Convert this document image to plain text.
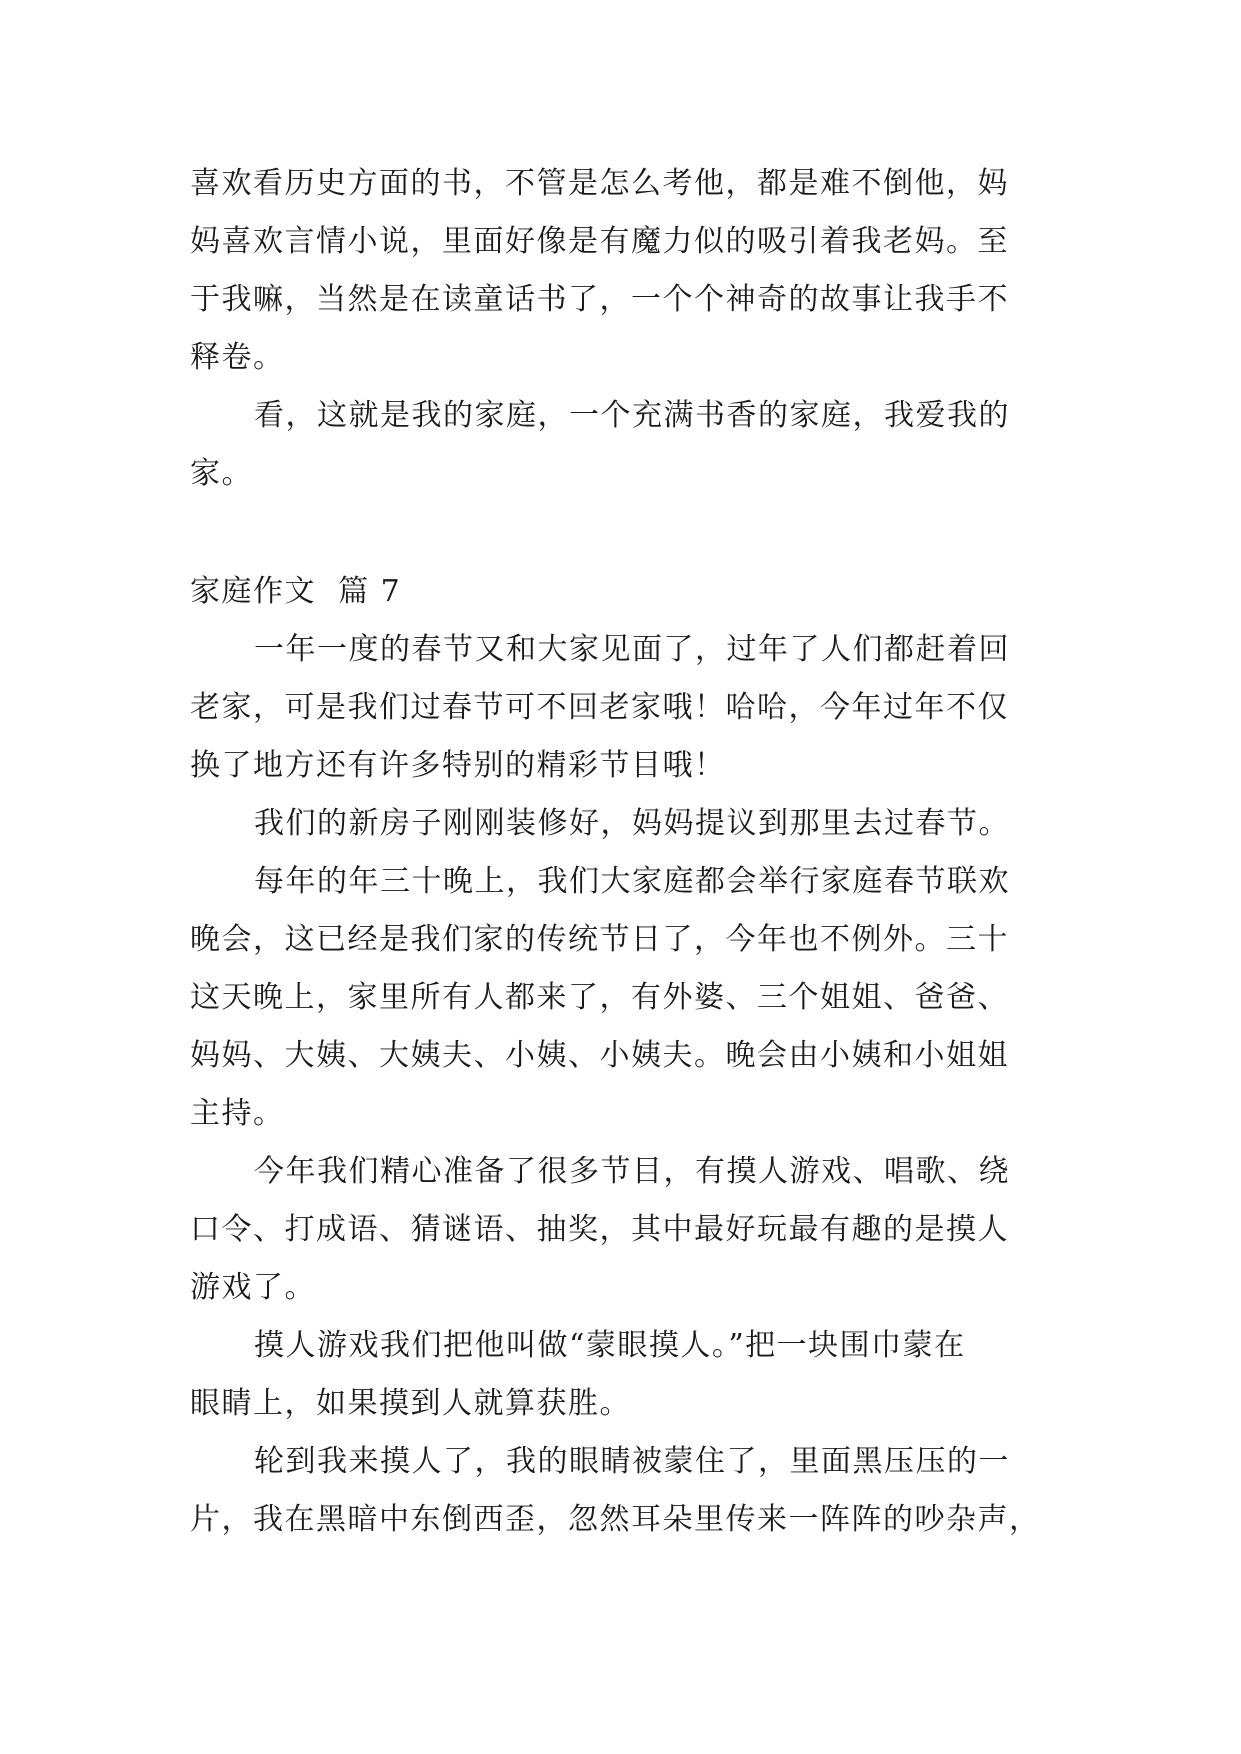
喜欢看历史方面的书，不管是怎么考他，都是难不倒他，妈
妈喜欢言情小说，里面好像是有魔力似的吸引着我老妈。至
于我嘛，当然是在读童话书了，一个个神奇的故事让我手不
释卷。
看，这就是我的家庭，一个充满书香的家庭，我爱我的
家。
家庭作文 篇 7
一年一度的春节又和大家见面了，过年了人们都赶着回
老家，可是我们过春节可不回老家哦！哈哈，今年过年不仅
换了地方还有许多特别的精彩节目哦！
我们的新房子刚刚装修好，妈妈提议到那里去过春节。
每年的年三十晚上，我们大家庭都会举行家庭春节联欢
晚会，这已经是我们家的传统节日了，今年也不例外。三十
这天晚上，家里所有人都来了，有外婆、三个姐姐、爸爸、
妈妈、大姨、大姨夫、小姨、小姨夫。晚会由小姨和小姐姐
主持。
今年我们精心准备了很多节目，有摸人游戏、唱歌、绕
口令、打成语、猜谜语、抽奖，其中最好玩最有趣的是摸人
游戏了。
摸人游戏我们把他叫做“蒙眼摸人。”把一块围巾蒙在
眼睛上，如果摸到人就算获胜。
轮到我来摸人了，我的眼睛被蒙住了，里面黑压压的一
片，我在黑暗中东倒西歪，忽然耳朵里传来一阵阵的吵杂声，
